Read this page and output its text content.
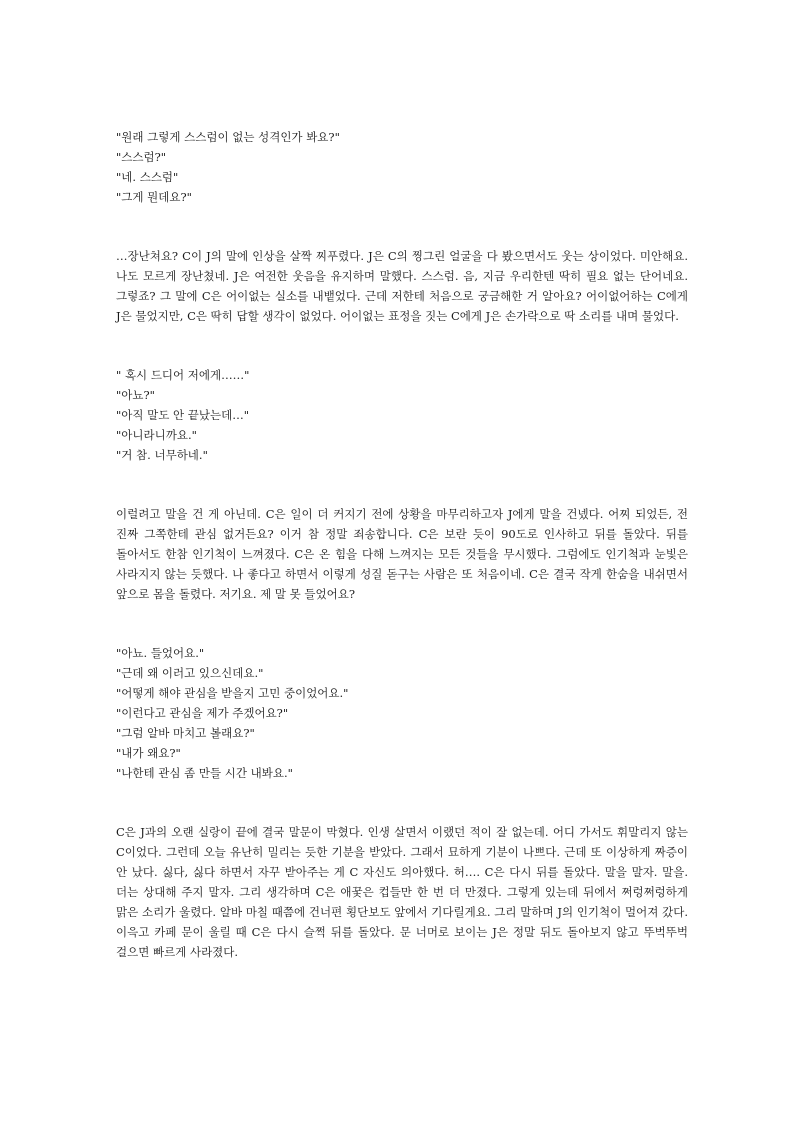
"원래 그렇게 스스럼이 없는 성격인가 봐요?"

"스스럼?"

"네. 스스럼"

"그게 뭔데요?"

…장난쳐요? C이 J의 말에 인상을 살짝 찌푸렸다. J은 C의 찡그린 얼굴을 다 봤으면서도 웃는 상이었다. 미안해요. 나도 모르게 장난쳤네. J은 여전한 웃음을 유지하며 말했다. 스스럼. 음, 지금 우리한텐 딱히 필요 없는 단어네요. 그렇죠? 그 말에 C은 어이없는 실소를 내뱉었다. 근데 저한테 처음으로 궁금해한 거 알아요? 어이없어하는 C에게 J은 물었지만, C은 딱히 답할 생각이 없었다. 어이없는 표정을 짓는 C에게 J은 손가락으로 딱 소리를 내며 물었다.

" 혹시 드디어 저에게……"

"아뇨?"

"아직 말도 안 끝났는데…"

"아니라니까요."

"거 참. 너무하네."

이럴려고 말을 건 게 아닌데. C은 일이 더 커지기 전에 상황을 마무리하고자 J에게 말을 건넸다. 어찌 되었든, 전 진짜 그쪽한테 관심 없거든요? 이거 참 정말 죄송합니다. C은 보란 듯이 90도로 인사하고 뒤를 돌았다. 뒤를 돌아서도 한참 인기척이 느껴졌다. C은 온 힘을 다해 느껴지는 모든 것들을 무시했다. 그럼에도 인기척과 눈빛은 사라지지 않는 듯했다. 나 좋다고 하면서 이렇게 성질 돋구는 사람은 또 처음이네. C은 결국 작게 한숨을 내쉬면서 앞으로 몸을 돌렸다. 저기요. 제 말 못 들었어요?

"아뇨. 들었어요."

"근데 왜 이러고 있으신데요."

"어떻게 해야 관심을 받을지 고민 중이었어요."

"이런다고 관심을 제가 주겠어요?"

"그럼 알바 마치고 볼래요?"

"내가 왜요?"

"나한테 관심 좀 만들 시간 내봐요."

C은 J과의 오랜 실랑이 끝에 결국 말문이 막혔다. 인생 살면서 이랬던 적이 잘 없는데. 어디 가서도 휘말리지 않는 C이었다. 그런데 오늘 유난히 밀리는 듯한 기분을 받았다. 그래서 묘하게 기분이 나쁘다. 근데 또 이상하게 짜증이 안 났다. 싫다, 싫다 하면서 자꾸 받아주는 게 C 자신도 의아했다. 허…. C은 다시 뒤를 돌았다. 말을 말자. 말을. 더는 상대해 주지 말자. 그리 생각하며 C은 애꿎은 컵들만 한 번 더 만졌다. 그렇게 있는데 뒤에서 쩌렁쩌렁하게 맑은 소리가 울렸다. 알바 마칠 때쯤에 건너편 횡단보도 앞에서 기다릴게요. 그리 말하며 J의 인기척이 멀어져 갔다. 이윽고 카페 문이 울릴 때 C은 다시 슬쩍 뒤를 돌았다. 문 너머로 보이는 J은 정말 뒤도 돌아보지 않고 뚜벅뚜벅 걸으면 빠르게 사라졌다.
